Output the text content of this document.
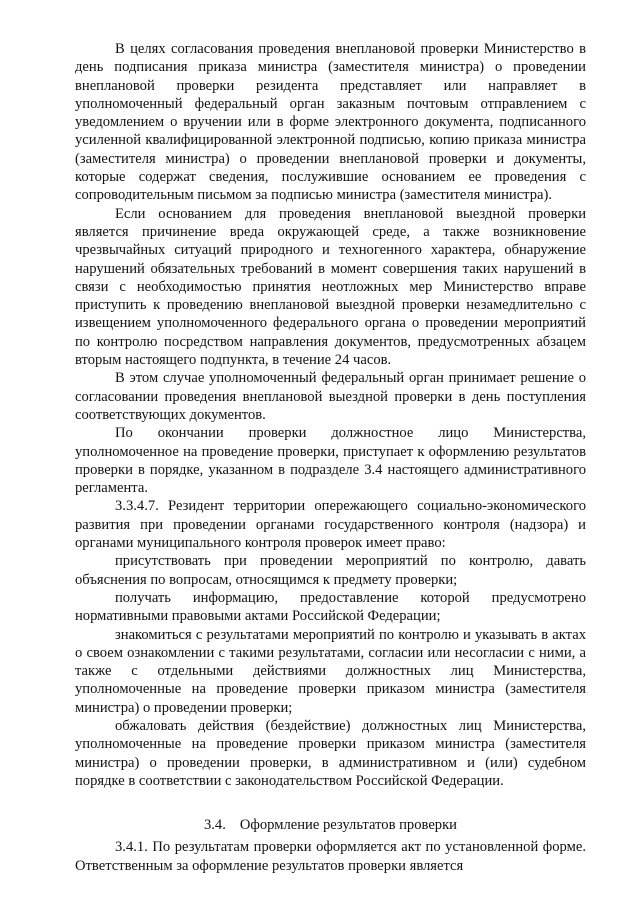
В целях согласования проведения внеплановой проверки Министерство в день подписания приказа министра (заместителя министра) о проведении внеплановой проверки резидента представляет или направляет в уполномоченный федеральный орган заказным почтовым отправлением с уведомлением о вручении или в форме электронного документа, подписанного усиленной квалифицированной электронной подписью, копию приказа министра (заместителя министра) о проведении внеплановой проверки и документы, которые содержат сведения, послужившие основанием ее проведения с сопроводительным письмом за подписью министра (заместителя министра).

Если основанием для проведения внеплановой выездной проверки является причинение вреда окружающей среде, а также возникновение чрезвычайных ситуаций природного и техногенного характера, обнаружение нарушений обязательных требований в момент совершения таких нарушений в связи с необходимостью принятия неотложных мер Министерство вправе приступить к проведению внеплановой выездной проверки незамедлительно с извещением уполномоченного федерального органа о проведении мероприятий по контролю посредством направления документов, предусмотренных абзацем вторым настоящего подпункта, в течение 24 часов.

В этом случае уполномоченный федеральный орган принимает решение о согласовании проведения внеплановой выездной проверки в день поступления соответствующих документов.

По окончании проверки должностное лицо Министерства, уполномоченное на проведение проверки, приступает к оформлению результатов проверки в порядке, указанном в подразделе 3.4 настоящего административного регламента.

3.3.4.7. Резидент территории опережающего социально-экономического развития при проведении органами государственного контроля (надзора) и органами муниципального контроля проверок имеет право:

присутствовать при проведении мероприятий по контролю, давать объяснения по вопросам, относящимся к предмету проверки;

получать информацию, предоставление которой предусмотрено нормативными правовыми актами Российской Федерации;

знакомиться с результатами мероприятий по контролю и указывать в актах о своем ознакомлении с такими результатами, согласии или несогласии с ними, а также с отдельными действиями должностных лиц Министерства, уполномоченные на проведение проверки приказом министра (заместителя министра) о проведении проверки;

обжаловать действия (бездействие) должностных лиц Министерства, уполномоченные на проведение проверки приказом министра (заместителя министра) о проведении проверки, в административном и (или) судебном порядке в соответствии с законодательством Российской Федерации.

3.4. Оформление результатов проверки

3.4.1. По результатам проверки оформляется акт по установленной форме. Ответственным за оформление результатов проверки является
